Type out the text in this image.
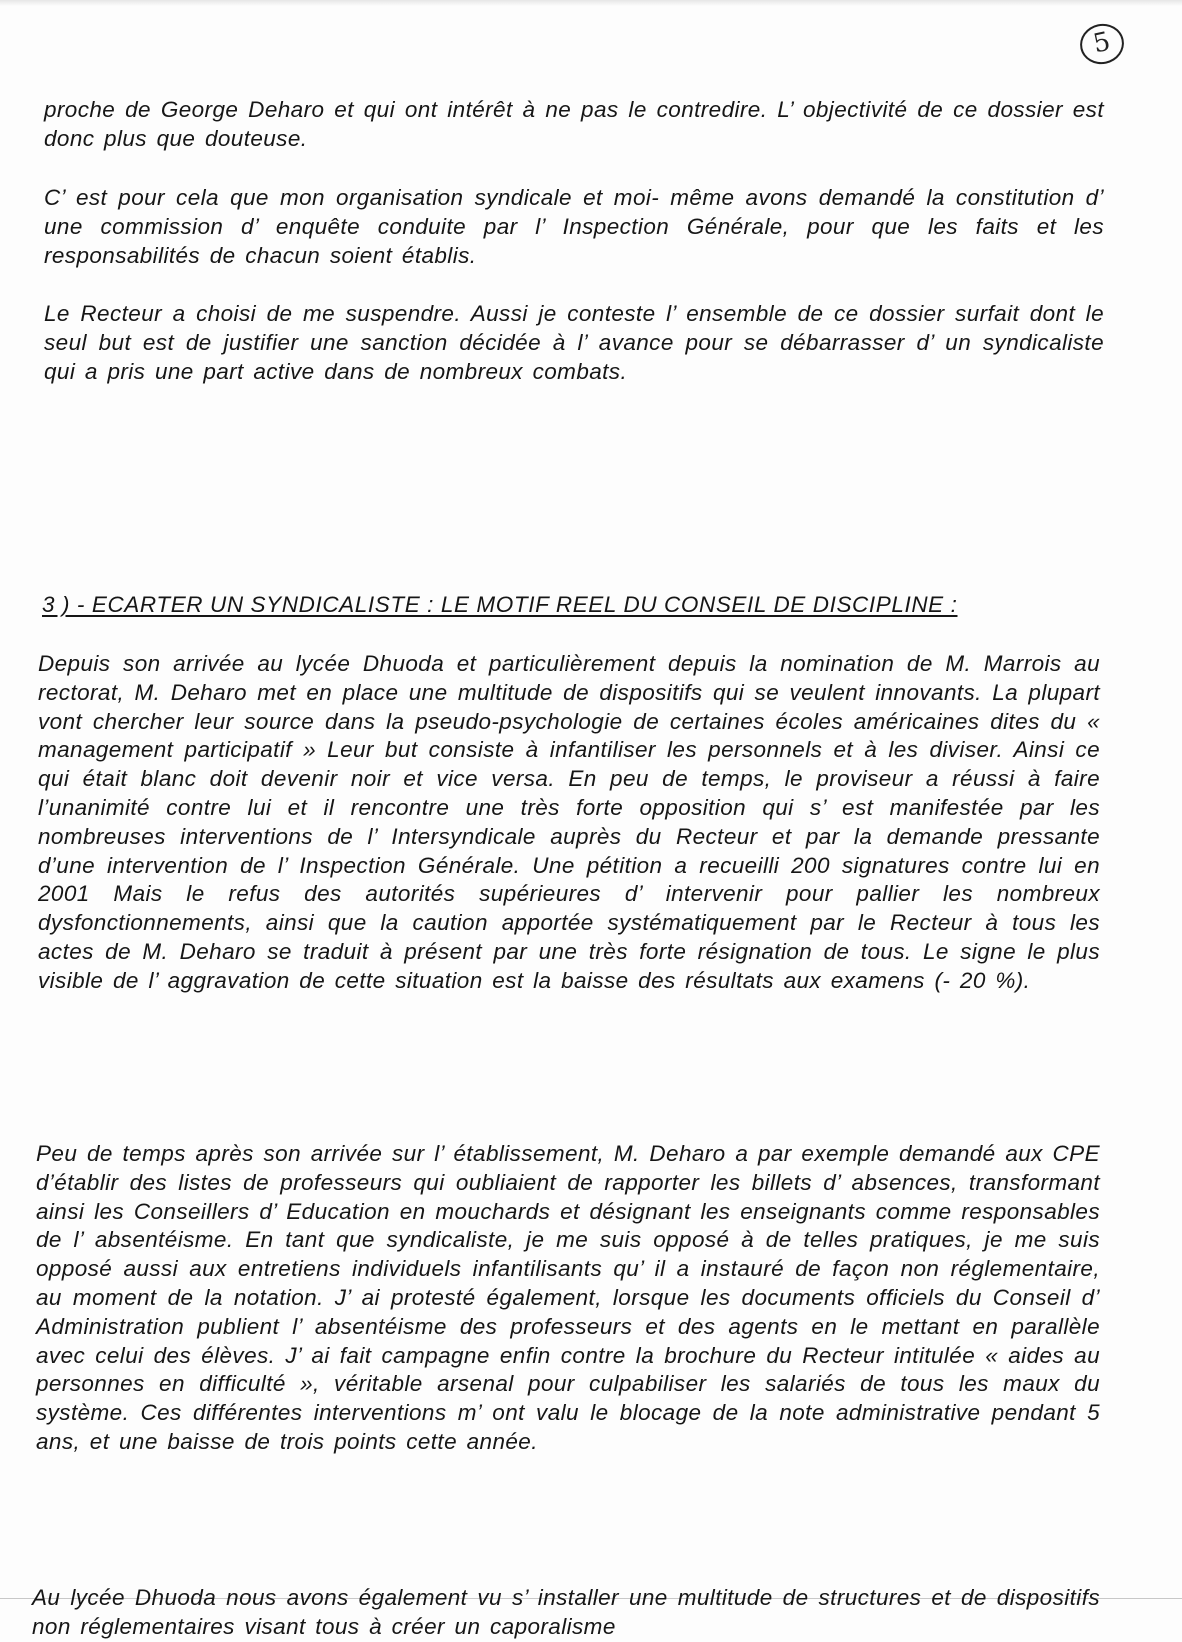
5

proche de George Deharo et qui ont intérêt à ne pas le contredire. L’ objectivité de ce dossier est donc plus que douteuse.

C’ est pour cela que mon organisation syndicale et moi- même avons demandé la constitution d’ une commission d’ enquête conduite par l’ Inspection Générale, pour que les faits et les responsabilités de chacun soient établis.

Le Recteur a choisi de me suspendre. Aussi je conteste l’ ensemble de ce dossier surfait dont le seul but est de justifier une sanction décidée à l’ avance pour se débarrasser d’ un syndicaliste qui a pris une part active dans de nombreux combats.

3 ) - ECARTER UN SYNDICALISTE : LE MOTIF REEL DU CONSEIL DE DISCIPLINE :

Depuis son arrivée au lycée Dhuoda et particulièrement depuis la nomination de M. Marrois au rectorat, M. Deharo met en place une multitude de dispositifs qui se veulent innovants. La plupart vont chercher leur source dans la pseudo-psychologie de certaines écoles américaines dites du « management participatif » Leur but consiste à infantiliser les personnels et à les diviser. Ainsi ce qui était blanc doit devenir noir et vice versa. En peu de temps, le proviseur a réussi à faire l’unanimité contre lui et il rencontre une très forte opposition qui s’ est manifestée par les nombreuses interventions de l’ Intersyndicale auprès du Recteur et par la demande pressante d’une intervention de l’ Inspection Générale. Une pétition a recueilli 200 signatures contre lui en 2001 Mais le refus des autorités supérieures d’ intervenir pour pallier les nombreux dysfonctionnements, ainsi que la caution apportée systématiquement par le Recteur à tous les actes de M. Deharo se traduit à présent par une très forte résignation de tous. Le signe le plus visible de l’ aggravation de cette situation est la baisse des résultats aux examens (- 20 %).

Peu de temps après son arrivée sur l’ établissement, M. Deharo a par exemple demandé aux CPE d’établir des listes de professeurs qui oubliaient de rapporter les billets d’ absences, transformant ainsi les Conseillers d’ Education en mouchards et désignant les enseignants comme responsables de l’ absentéisme. En tant que syndicaliste, je me suis opposé à de telles pratiques, je me suis opposé aussi aux entretiens individuels infantilisants qu’ il a instauré de façon non réglementaire, au moment de la notation. J’ ai protesté également, lorsque les documents officiels du Conseil d’ Administration publient l’ absentéisme des professeurs et des agents en le mettant en parallèle avec celui des élèves. J’ ai fait campagne enfin contre la brochure du Recteur intitulée « aides au personnes en difficulté », véritable arsenal pour culpabiliser les salariés de tous les maux du système. Ces différentes interventions m’ ont valu le blocage de la note administrative pendant 5 ans, et une baisse de trois points cette année.

Au lycée Dhuoda nous avons également vu s’ installer une multitude de structures et de dispositifs non réglementaires visant tous à créer un caporalisme
